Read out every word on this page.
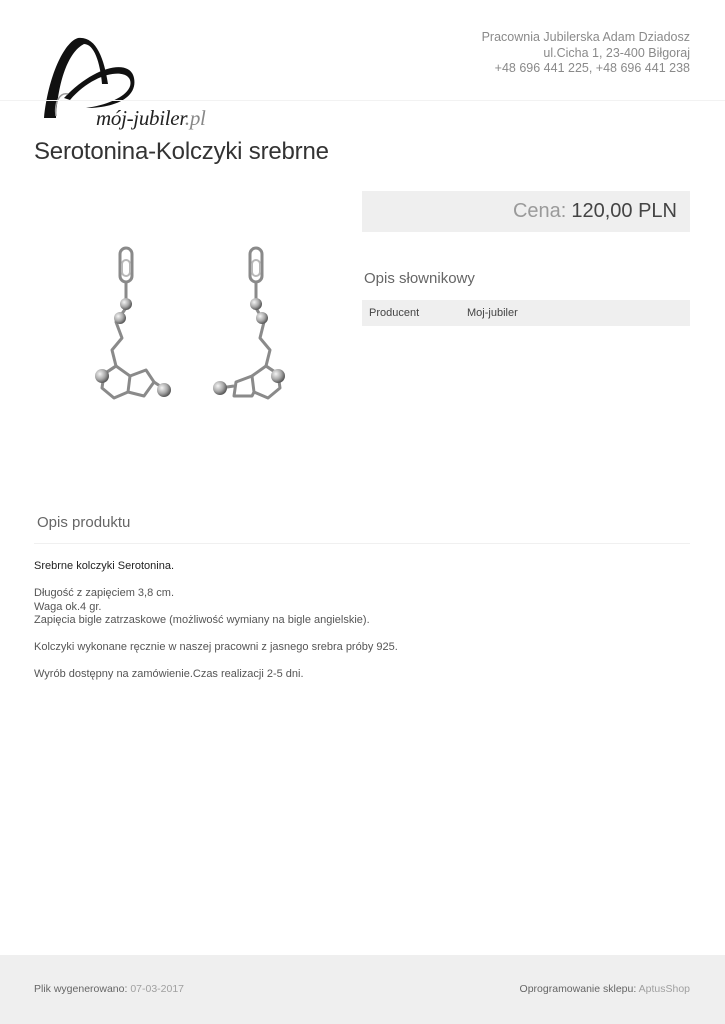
mój-jubiler.pl
Pracownia Jubilerska Adam Dziadosz
ul.Cicha 1, 23-400 Biłgoraj
+48 696 441 225, +48 696 441 238
Serotonina-Kolczyki srebrne
Cena: 120,00 PLN
Opis słownikowy
Producent	Moj-jubiler
Opis produktu

Srebrne kolczyki Serotonina.

Długość z zapięciem 3,8 cm.
Waga ok.4 gr.
Zapięcia bigle zatrzaskowe (możliwość wymiany na bigle angielskie).

Kolczyki wykonane ręcznie w naszej pracowni z jasnego srebra próby 925.

Wyrób dostępny na zamówienie.Czas realizacji 2-5 dni.

Plik wygenerowano: 07-03-2017	Oprogramowanie sklepu: AptusShop
